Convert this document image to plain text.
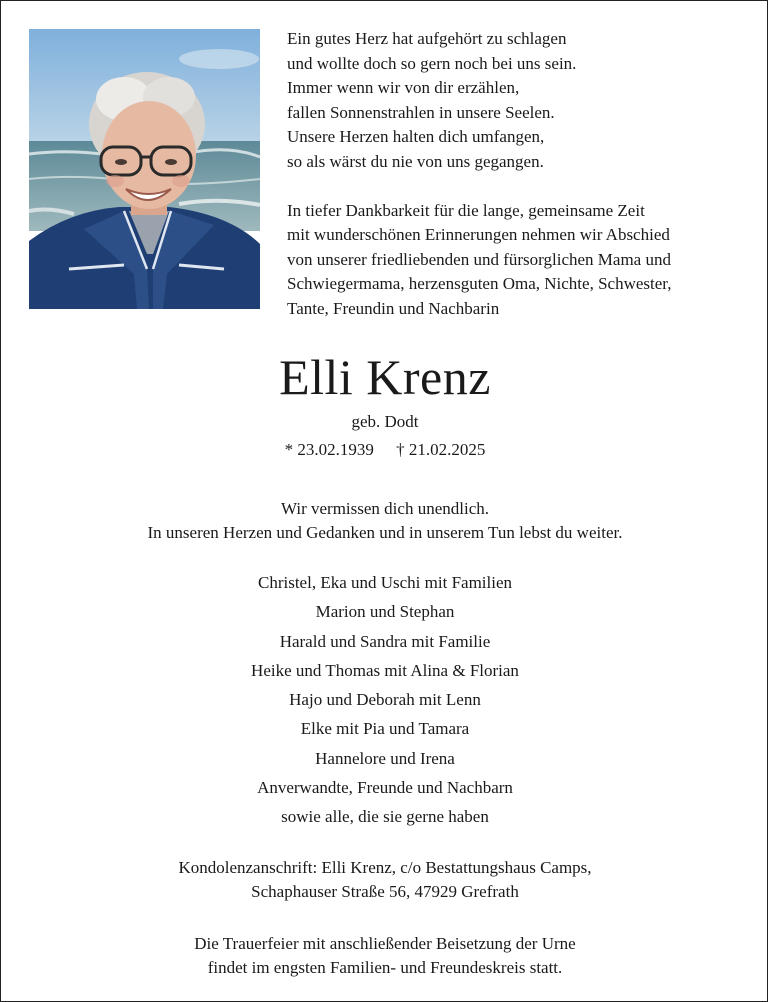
Ein gutes Herz hat aufgehört zu schlagen
und wollte doch so gern noch bei uns sein.
Immer wenn wir von dir erzählen,
fallen Sonnenstrahlen in unsere Seelen.
Unsere Herzen halten dich umfangen,
so als wärst du nie von uns gegangen.
In tiefer Dankbarkeit für die lange, gemeinsame Zeit
mit wunderschönen Erinnerungen nehmen wir Abschied
von unserer friedliebenden und fürsorglichen Mama und
Schwiegermama, herzensguten Oma, Nichte, Schwester,
Tante, Freundin und Nachbarin
Elli Krenz
geb. Dodt
* 23.02.1939 † 21.02.2025
Wir vermissen dich unendlich.
In unseren Herzen und Gedanken und in unserem Tun lebst du weiter.
Christel, Eka und Uschi mit Familien
Marion und Stephan
Harald und Sandra mit Familie
Heike und Thomas mit Alina & Florian
Hajo und Deborah mit Lenn
Elke mit Pia und Tamara
Hannelore und Irena
Anverwandte, Freunde und Nachbarn
sowie alle, die sie gerne haben
Kondolenzanschrift: Elli Krenz, c/o Bestattungshaus Camps,
Schaphauser Straße 56, 47929 Grefrath
Die Trauerfeier mit anschließender Beisetzung der Urne
findet im engsten Familien- und Freundeskreis statt.
